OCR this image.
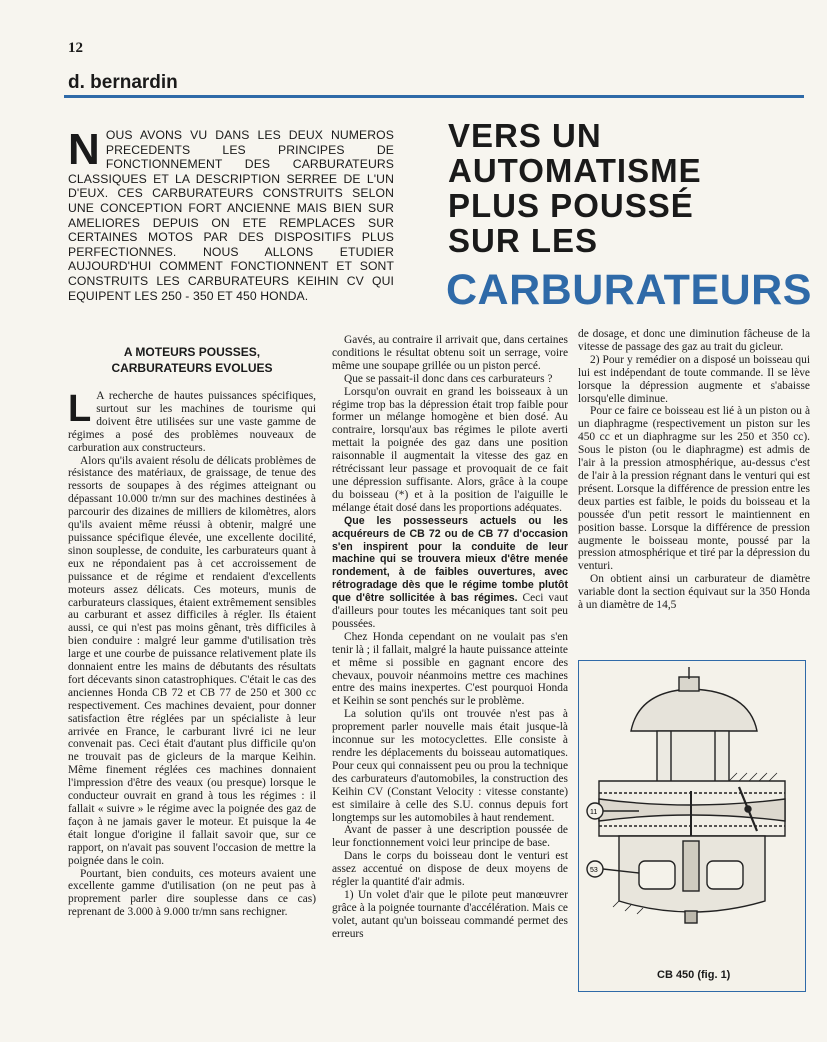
12
d. bernardin
NOUS AVONS VU DANS LES DEUX NUMEROS PRECEDENTS LES PRINCIPES DE FONCTIONNEMENT DES CARBURATEURS CLASSIQUES ET LA DESCRIPTION SERREE DE L'UN D'EUX. CES CARBURATEURS CONSTRUITS SELON UNE CONCEPTION FORT ANCIENNE MAIS BIEN SUR AMELIORES DEPUIS ON ETE REMPLACES SUR CERTAINES MOTOS PAR DES DISPOSITIFS PLUS PERFECTIONNES. NOUS ALLONS ETUDIER AUJOURD'HUI COMMENT FONCTIONNENT ET SONT CONSTRUITS LES CARBURATEURS KEIHIN CV QUI EQUIPENT LES 250 - 350 ET 450 HONDA.
VERS UN
AUTOMATISME
PLUS POUSSÉ
SUR LES
CARBURATEURS
A MOTEURS POUSSES,
CARBURATEURS EVOLUES

L A recherche de hautes puissances spécifiques, surtout sur les machines de tourisme qui doivent être utilisées sur une vaste gamme de régimes a posé des problèmes nouveaux de carburation aux constructeurs.

Alors qu'ils avaient résolu de délicats problèmes de résistance des matériaux, de graissage, de tenue des ressorts de soupapes à des régimes atteignant ou dépassant 10.000 tr/mn sur des machines destinées à parcourir des dizaines de milliers de kilomètres, alors qu'ils avaient même réussi à obtenir, malgré une puissance spécifique élevée, une excellente docilité, sinon souplesse, de conduite, les carburateurs quant à eux ne répondaient pas à cet accroissement de puissance et de régime et rendaient d'excellents moteurs assez délicats. Ces moteurs, munis de carburateurs classiques, étaient extrêmement sensibles au carburant et assez difficiles à régler. Ils étaient aussi, ce qui n'est pas moins gênant, très difficiles à bien conduire : malgré leur gamme d'utilisation très large et une courbe de puissance relativement plate ils donnaient entre les mains de débutants des résultats fort décevants sinon catastrophiques. C'était le cas des anciennes Honda CB 72 et CB 77 de 250 et 300 cc respectivement. Ces machines devaient, pour donner satisfaction être réglées par un spécialiste à leur arrivée en France, le carburant livré ici ne leur convenait pas. Ceci était d'autant plus difficile qu'on ne trouvait pas de gicleurs de la marque Keihin. Même finement réglées ces machines donnaient l'impression d'être des veaux (ou presque) lorsque le conducteur ouvrait en grand à tous les régimes : il fallait « suivre » le régime avec la poignée des gaz de façon à ne jamais gaver le moteur. Et puisque la 4e était longue d'origine il fallait savoir que, sur ce rapport, on n'avait pas souvent l'occasion de mettre la poignée dans le coin.

Pourtant, bien conduits, ces moteurs avaient une excellente gamme d'utilisation (on ne peut pas à proprement parler dire souplesse dans ce cas) reprenant de 3.000 à 9.000 tr/mn sans rechigner.

Gavés, au contraire il arrivait que, dans certaines conditions le résultat obtenu soit un serrage, voire même une soupape grillée ou un piston percé.

Que se passait-il donc dans ces carburateurs ?

Lorsqu'on ouvrait en grand les boisseaux à un régime trop bas la dépression était trop faible pour former un mélange homogène et bien dosé. Au contraire, lorsqu'aux bas régimes le pilote averti mettait la poignée des gaz dans une position raisonnable il augmentait la vitesse des gaz en rétrécissant leur passage et provoquait de ce fait une dépression suffisante. Alors, grâce à la coupe du boisseau (*) et à la position de l'aiguille le mélange était dosé dans les proportions adéquates.

Que les possesseurs actuels ou les acquéreurs de CB 72 ou de CB 77 d'occasion s'en inspirent pour la conduite de leur machine qui se trouvera mieux d'être menée rondement, à de faibles ouvertures, avec rétrogradage dès que le régime tombe plutôt que d'être sollicitée à bas régimes. Ceci vaut d'ailleurs pour toutes les mécaniques tant soit peu poussées.

Chez Honda cependant on ne voulait pas s'en tenir là ; il fallait, malgré la haute puissance atteinte et même si possible en gagnant encore des chevaux, pouvoir néanmoins mettre ces machines entre des mains inexpertes. C'est pourquoi Honda et Keihin se sont penchés sur le problème.

La solution qu'ils ont trouvée n'est pas à proprement parler nouvelle mais était jusque-là inconnue sur les motocyclettes. Elle consiste à rendre les déplacements du boisseau automatiques. Pour ceux qui connaissent peu ou prou la technique des carburateurs d'automobiles, la construction des Keihin CV (Constant Velocity : vitesse constante) est similaire à celle des S.U. connus depuis fort longtemps sur les automobiles à haut rendement.

Avant de passer à une description poussée de leur fonctionnement voici leur principe de base.

Dans le corps du boisseau dont le venturi est assez accentué on dispose de deux moyens de régler la quantité d'air admis.

1) Un volet d'air que le pilote peut manœuvrer grâce à la poignée tournante d'accélération. Mais ce volet, autant qu'un boisseau commandé permet des erreurs

de dosage, et donc une diminution fâcheuse de la vitesse de passage des gaz au trait du gicleur.

2) Pour y remédier on a disposé un boisseau qui lui est indépendant de toute commande. Il se lève lorsque la dépression augmente et s'abaisse lorsqu'elle diminue.

Pour ce faire ce boisseau est lié à un piston ou à un diaphragme (respectivement un piston sur les 450 cc et un diaphragme sur les 250 et 350 cc). Sous le piston (ou le diaphragme) est admis de l'air à la pression atmosphérique, au-dessus c'est de l'air à la pression régnant dans le venturi qui est présent. Lorsque la différence de pression entre les deux parties est faible, le poids du boisseau et la poussée d'un petit ressort le maintiennent en position basse. Lorsque la différence de pression augmente le boisseau monte, poussé par la pression atmosphérique et tiré par la dépression du venturi.

On obtient ainsi un carburateur de diamètre variable dont la section équivaut sur la 350 Honda à un diamètre de 14,5

11
53
CB 450 (fig. 1)
